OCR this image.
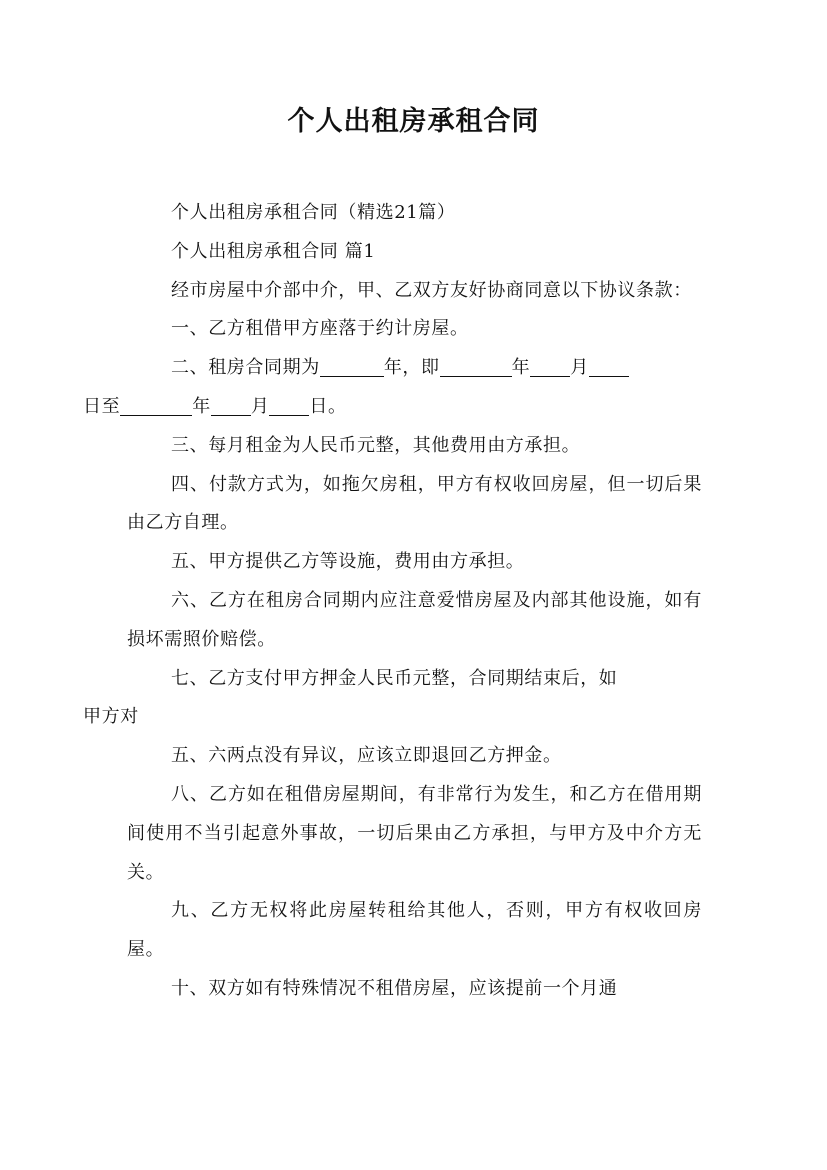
个人出租房承租合同

个人出租房承租合同（精选21篇）

个人出租房承租合同 篇1

经市房屋中介部中介，甲、乙双方友好协商同意以下协议条款：

一、乙方租借甲方座落于约计房屋。

二、租房合同期为	年，即	年 月
日至	年 月 日。

三、每月租金为人民币元整，其他费用由方承担。

四、付款方式为，如拖欠房租，甲方有权收回房屋，但一切后果由乙方自理。

五、甲方提供乙方等设施，费用由方承担。

六、乙方在租房合同期内应注意爱惜房屋及内部其他设施，如有损坏需照价赔偿。

七、乙方支付甲方押金人民币元整，合同期结束后，如
甲方对

五、六两点没有异议，应该立即退回乙方押金。

八、乙方如在租借房屋期间，有非常行为发生，和乙方在借用期间使用不当引起意外事故，一切后果由乙方承担，与甲方及中介方无关。

九、乙方无权将此房屋转租给其他人，否则，甲方有权收回房屋。

十、双方如有特殊情况不租借房屋，应该提前一个月通
